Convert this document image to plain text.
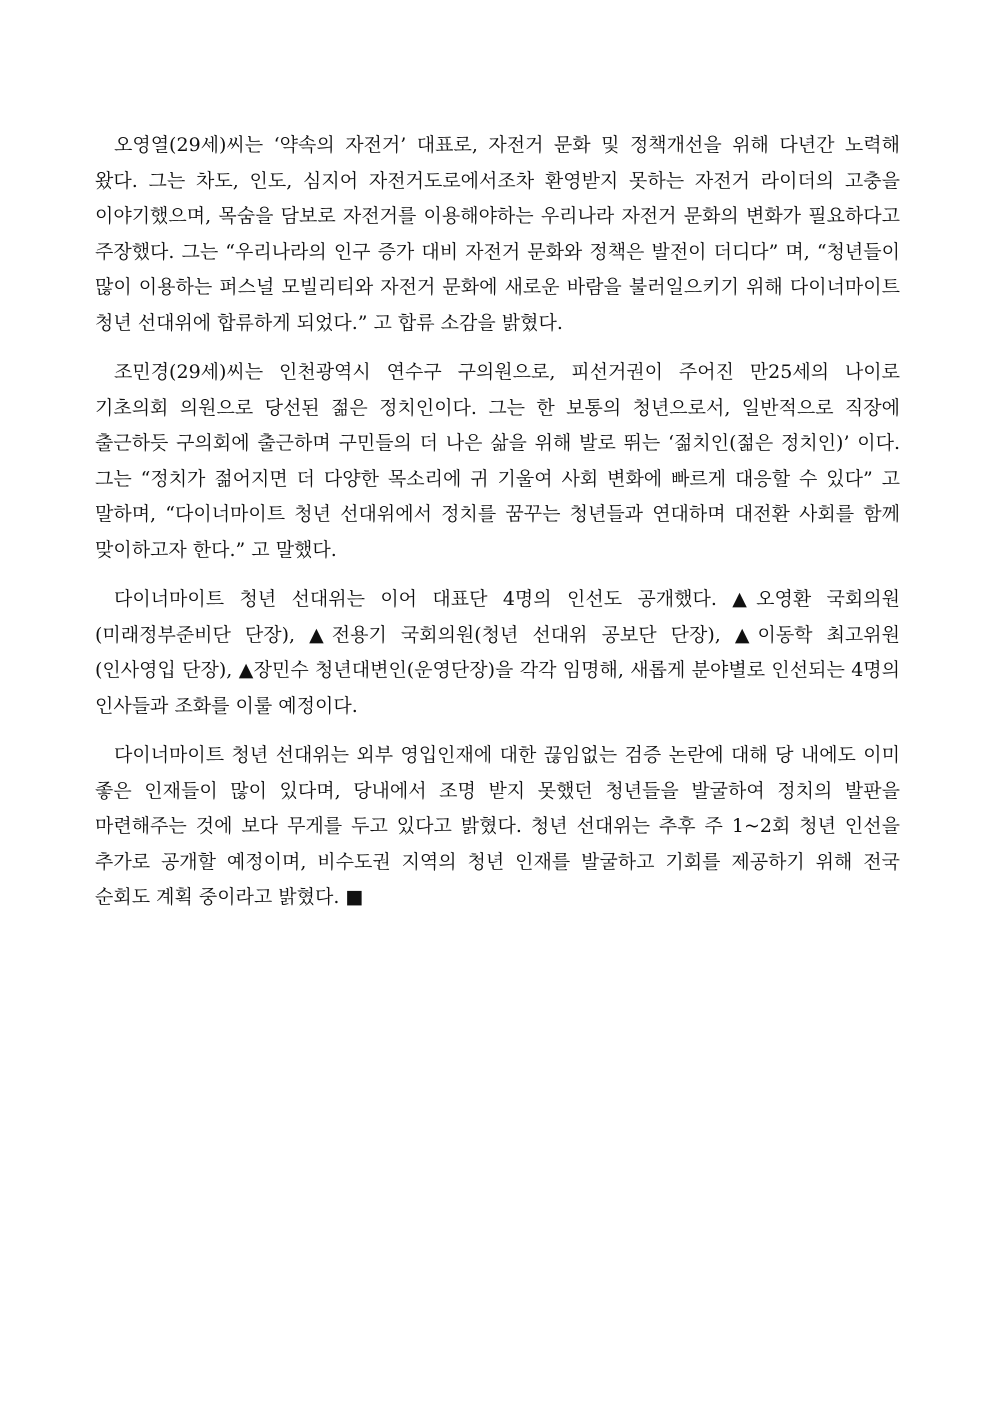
오영열(29세)씨는 ‘약속의 자전거’ 대표로, 자전거 문화 및 정책개선을 위해 다년간 노력해 왔다. 그는 차도, 인도, 심지어 자전거도로에서조차 환영받지 못하는 자전거 라이더의 고충을 이야기했으며, 목숨을 담보로 자전거를 이용해야하는 우리나라 자전거 문화의 변화가 필요하다고 주장했다. 그는 “우리나라의 인구 증가 대비 자전거 문화와 정책은 발전이 더디다” 며, “청년들이 많이 이용하는 퍼스널 모빌리티와 자전거 문화에 새로운 바람을 불러일으키기 위해 다이너마이트 청년 선대위에 합류하게 되었다.” 고 합류 소감을 밝혔다.

조민경(29세)씨는 인천광역시 연수구 구의원으로, 피선거권이 주어진 만25세의 나이로 기초의회 의원으로 당선된 젊은 정치인이다. 그는 한 보통의 청년으로서, 일반적으로 직장에 출근하듯 구의회에 출근하며 구민들의 더 나은 삶을 위해 발로 뛰는 ‘젊치인(젊은 정치인)’ 이다. 그는 “정치가 젊어지면 더 다양한 목소리에 귀 기울여 사회 변화에 빠르게 대응할 수 있다” 고 말하며, “다이너마이트 청년 선대위에서 정치를 꿈꾸는 청년들과 연대하며 대전환 사회를 함께 맞이하고자 한다.” 고 말했다.

다이너마이트 청년 선대위는 이어 대표단 4명의 인선도 공개했다. ▲오영환 국회의원(미래정부준비단 단장), ▲전용기 국회의원(청년 선대위 공보단 단장), ▲이동학 최고위원(인사영입 단장), ▲장민수 청년대변인(운영단장)을 각각 임명해, 새롭게 분야별로 인선되는 4명의 인사들과 조화를 이룰 예정이다.

다이너마이트 청년 선대위는 외부 영입인재에 대한 끊임없는 검증 논란에 대해 당 내에도 이미 좋은 인재들이 많이 있다며, 당내에서 조명 받지 못했던 청년들을 발굴하여 정치의 발판을 마련해주는 것에 보다 무게를 두고 있다고 밝혔다. 청년 선대위는 추후 주 1~2회 청년 인선을 추가로 공개할 예정이며, 비수도권 지역의 청년 인재를 발굴하고 기회를 제공하기 위해 전국 순회도 계획 중이라고 밝혔다. ■
